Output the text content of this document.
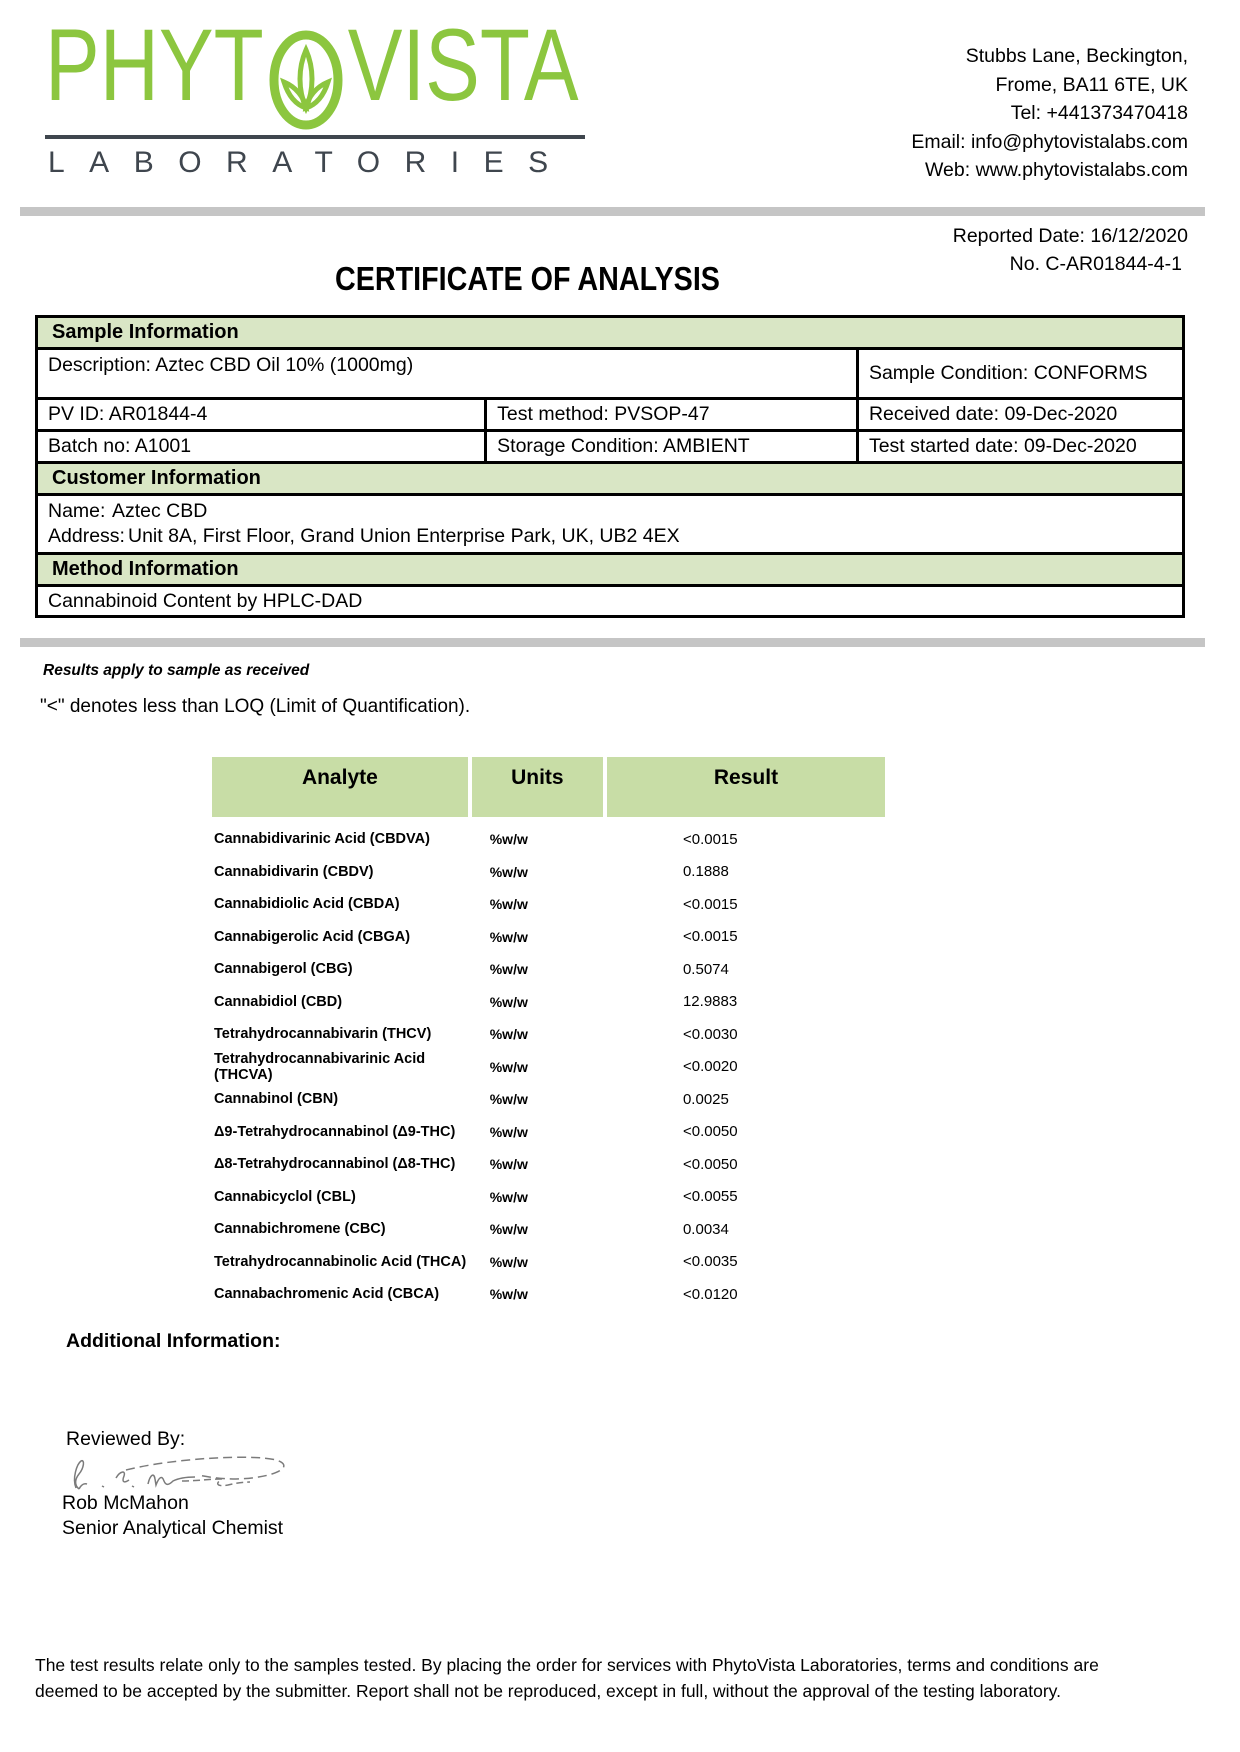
PHYT VISTA
LABORATORIES
Stubbs Lane, Beckington,
Frome, BA11 6TE, UK
Tel: +441373470418
Email: info@phytovistalabs.com
Web: www.phytovistalabs.com
Reported Date: 16/12/2020
No. C-AR01844-4-1
CERTIFICATE OF ANALYSIS
Sample Information
Description: Aztec CBD Oil 10% (1000mg)	Sample Condition: CONFORMS
PV ID: AR01844-4	Test method: PVSOP-47	Received date: 09-Dec-2020
Batch no: A1001	Storage Condition: AMBIENT	Test started date: 09-Dec-2020
Customer Information
Name: Aztec CBD
Address: Unit 8A, First Floor, Grand Union Enterprise Park, UK, UB2 4EX
Method Information
Cannabinoid Content by HPLC-DAD
Results apply to sample as received
"<" denotes less than LOQ (Limit of Quantification).
Analyte	Units	Result
Cannabidivarinic Acid (CBDVA)	%w/w	<0.0015
Cannabidivarin (CBDV)	%w/w	0.1888
Cannabidiolic Acid (CBDA)	%w/w	<0.0015
Cannabigerolic Acid (CBGA)	%w/w	<0.0015
Cannabigerol (CBG)	%w/w	0.5074
Cannabidiol (CBD)	%w/w	12.9883
Tetrahydrocannabivarin (THCV)	%w/w	<0.0030
Tetrahydrocannabivarinic Acid (THCVA)	%w/w	<0.0020
Cannabinol (CBN)	%w/w	0.0025
Δ9-Tetrahydrocannabinol (Δ9-THC)	%w/w	<0.0050
Δ8-Tetrahydrocannabinol (Δ8-THC)	%w/w	<0.0050
Cannabicyclol (CBL)	%w/w	<0.0055
Cannabichromene (CBC)	%w/w	0.0034
Tetrahydrocannabinolic Acid (THCA)	%w/w	<0.0035
Cannabachromenic Acid (CBCA)	%w/w	<0.0120
Additional Information:
Reviewed By:
Rob McMahon
Senior Analytical Chemist
The test results relate only to the samples tested. By placing the order for services with PhytoVista Laboratories, terms and conditions are
deemed to be accepted by the submitter. Report shall not be reproduced, except in full, without the approval of the testing laboratory.
